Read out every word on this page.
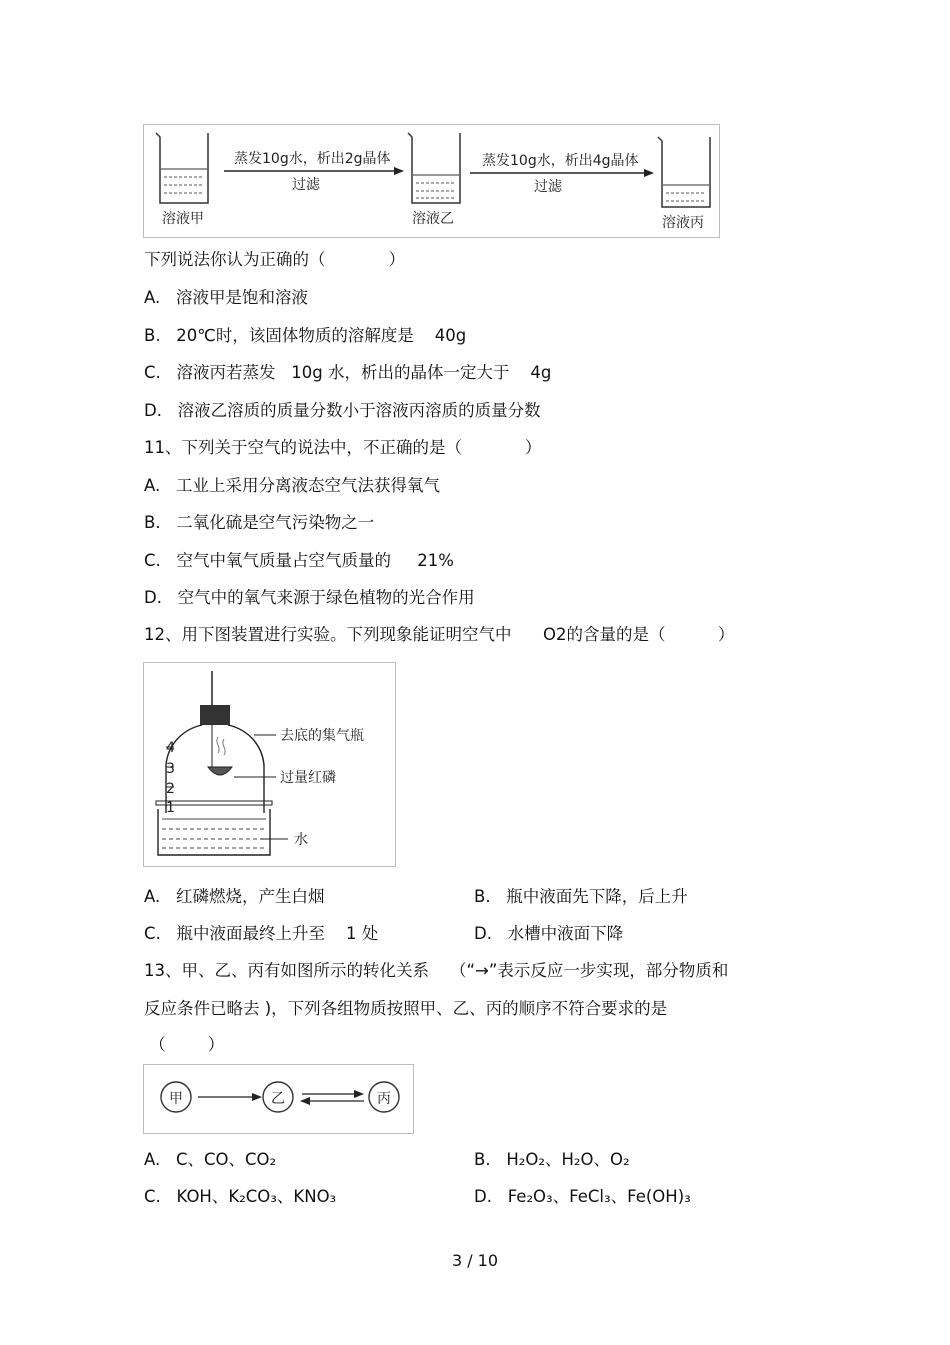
溶液甲
蒸发10g水，析出2g晶体
过滤
溶液乙
蒸发10g水，析出4g晶体
过滤
溶液丙
下列说法你认为正确的（            ）
A.   溶液甲是饱和溶液
B.   20℃时，该固体物质的溶解度是    40g
C.   溶液丙若蒸发   10g 水，析出的晶体一定大于    4g
D.   溶液乙溶质的质量分数小于溶液丙溶质的质量分数
11、下列关于空气的说法中，不正确的是（            ）
A.   工业上采用分离液态空气法获得氧气
B.   二氧化硫是空气污染物之一
C.   空气中氧气质量占空气质量的     21%
D.   空气中的氧气来源于绿色植物的光合作用
12、用下图装置进行实验。下列现象能证明空气中      O2的含量的是（          ）
4
3
2
1
去底的集气瓶
过量红磷
水
A.   红磷燃烧，产生白烟	B.   瓶中液面先下降，后上升
C.   瓶中液面最终上升至    1 处	D.   水槽中液面下降
13、甲、乙、丙有如图所示的转化关系    （“→”表示反应一步实现，部分物质和
反应条件已略去 )，下列各组物质按照甲、乙、丙的顺序不符合要求的是
（        ）
甲	乙	丙
A. C、CO、CO₂	B. H₂O₂、H₂O、O₂
C. KOH、K₂CO₃、KNO₃	D. Fe₂O₃、FeCl₃、Fe(OH)₃
3 / 10
